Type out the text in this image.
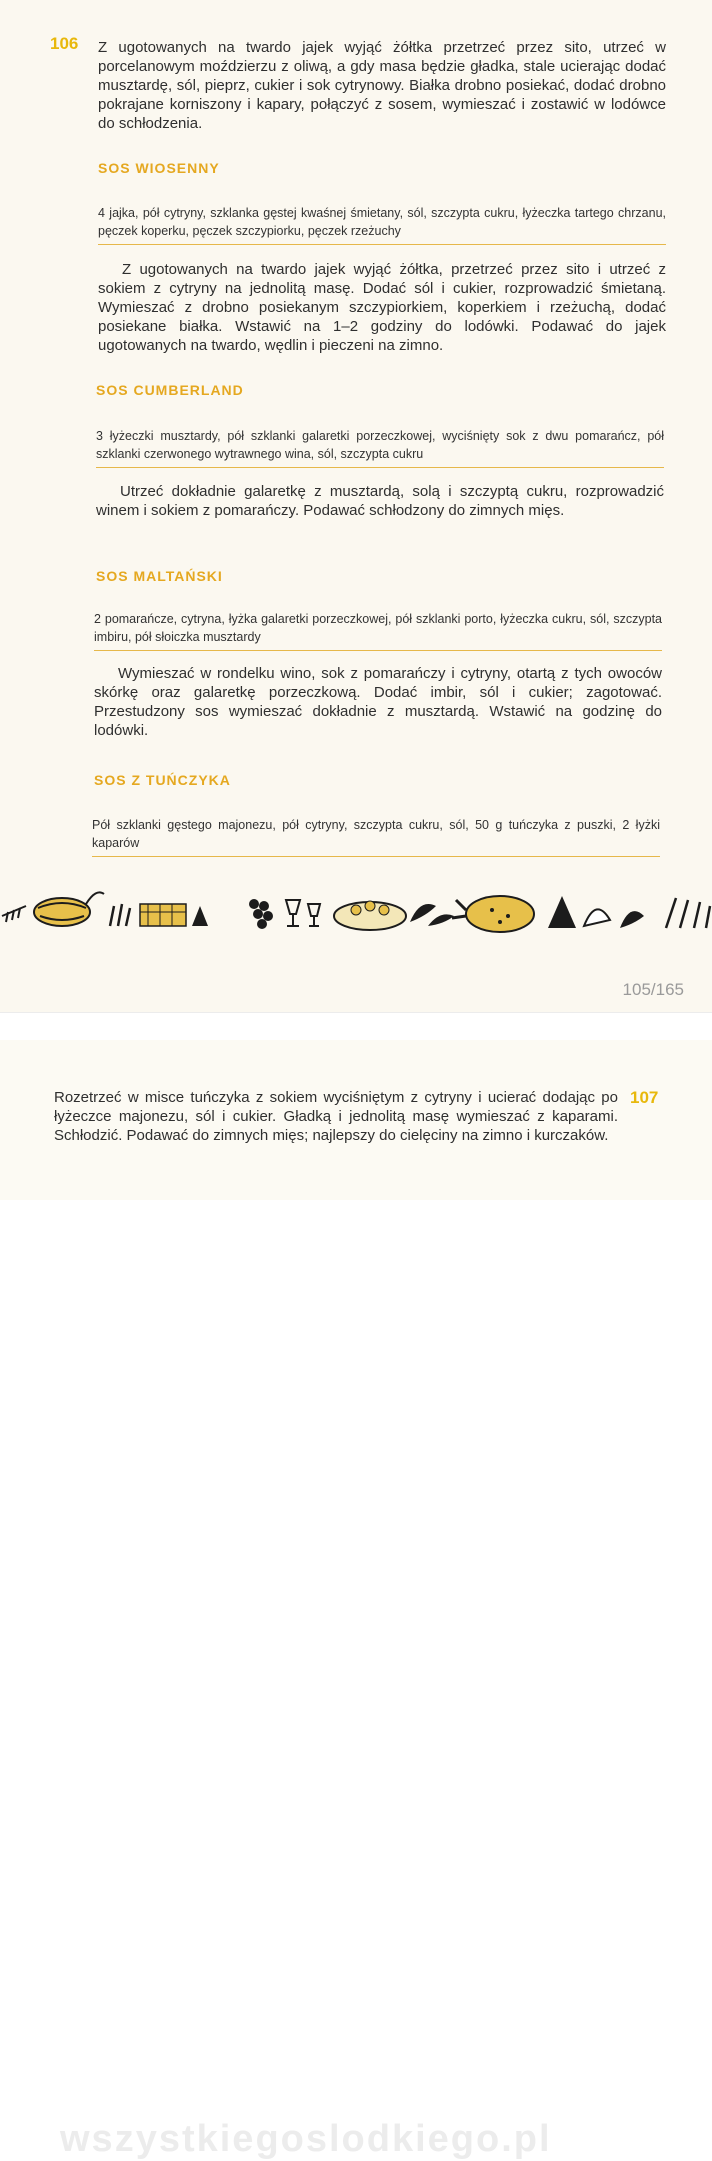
106 Z ugotowanych na twardo jajek wyjąć żółtka przetrzeć przez sito, utrzeć w porcelanowym moździerzu z oliwą, a gdy masa będzie gładka, stale ucierając dodać musztardę, sól, pieprz, cukier i sok cytrynowy. Białka drobno posiekać, dodać drobno pokrajane korniszony i kapary, połączyć z sosem, wymieszać i zostawić w lodówce do schłodzenia.

SOS WIOSENNY

4 jajka, pół cytryny, szklanka gęstej kwaśnej śmietany, sól, szczypta cukru, łyżeczka tartego chrzanu, pęczek koperku, pęczek szczypiorku, pęczek rzeżuchy

Z ugotowanych na twardo jajek wyjąć żółtka, przetrzeć przez sito i utrzeć z sokiem z cytryny na jednolitą masę. Dodać sól i cukier, rozprowadzić śmietaną. Wymieszać z drobno posiekanym szczypiorkiem, koperkiem i rzeżuchą, dodać posiekane białka. Wstawić na 1–2 godziny do lodówki. Podawać do jajek ugotowanych na twardo, wędlin i pieczeni na zimno.

SOS CUMBERLAND

3 łyżeczki musztardy, pół szklanki galaretki porzeczkowej, wyciśnięty sok z dwu pomarańcz, pół szklanki czerwonego wytrawnego wina, sól, szczypta cukru

Utrzeć dokładnie galaretkę z musztardą, solą i szczyptą cukru, rozprowadzić winem i sokiem z pomarańczy. Podawać schłodzony do zimnych mięs.

SOS MALTAŃSKI

2 pomarańcze, cytryna, łyżka galaretki porzeczkowej, pół szklanki porto, łyżeczka cukru, sól, szczypta imbiru, pół słoiczka musztardy

Wymieszać w rondelku wino, sok z pomarańczy i cytryny, otartą z tych owoców skórkę oraz galaretkę porzeczkową. Dodać imbir, sól i cukier; zagotować. Przestudzony sos wymieszać dokładnie z musztardą. Wstawić na godzinę do lodówki.

SOS Z TUŃCZYKA

Pół szklanki gęstego majonezu, pół cytryny, szczypta cukru, sól, 50 g tuńczyka z puszki, 2 łyżki kaparów

105/165
wszystkiegoslodkiego.pl

Rozetrzeć w misce tuńczyka z sokiem wyciśniętym z cytryny i ucierać dodając po łyżeczce majonezu, sól i cukier. Gładką i jednolitą masę wymieszać z kaparami. Schłodzić. Podawać do zimnych mięs; najlepszy do cielęciny na zimno i kurczaków.

107
